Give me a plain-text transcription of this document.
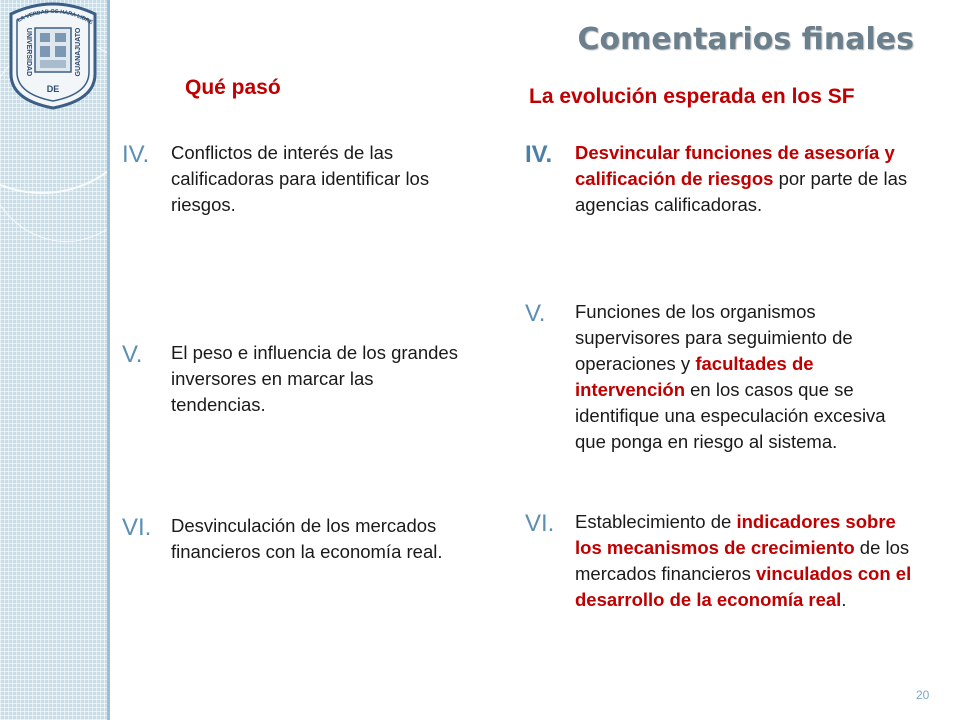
LA VERDAD OS HARA LIBRE
UNIVERSIDAD	GUANAJUATO
DE
Comentarios finales
Qué pasó	La evolución esperada en los SF
IV. Conflictos de interés de las calificadoras para identificar los riesgos.
V. El peso e influencia de los grandes inversores en marcar las tendencias.
VI. Desvinculación de los mercados financieros con la economía real.
IV. Desvincular funciones de asesoría y calificación de riesgos por parte de las agencias calificadoras.
V. Funciones de los organismos supervisores para seguimiento de operaciones y facultades de intervención en los casos que se identifique una especulación excesiva que ponga en riesgo al sistema.
VI. Establecimiento de indicadores sobre los mecanismos de crecimiento de los mercados financieros vinculados con el desarrollo de la economía real.
20
